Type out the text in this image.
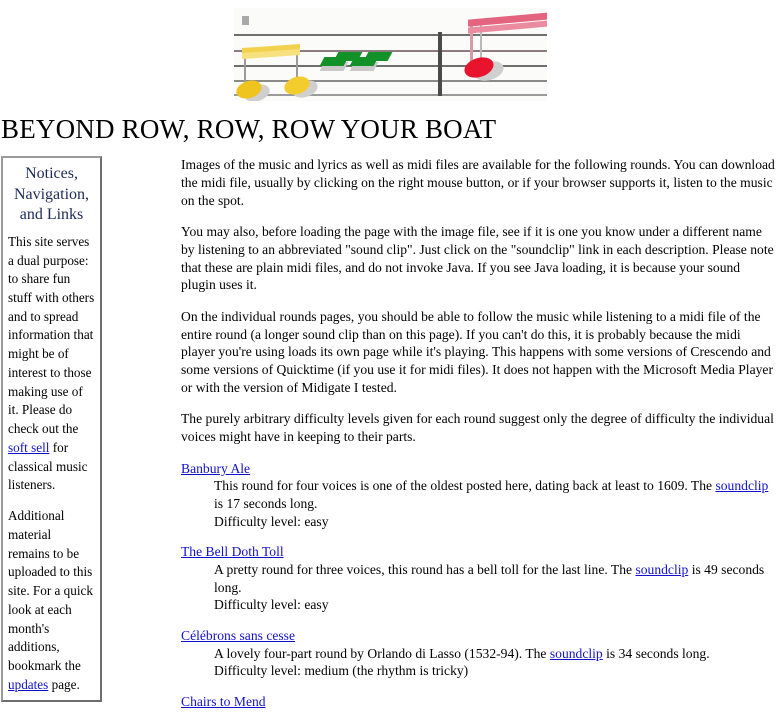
BEYOND ROW, ROW, ROW YOUR BOAT
Notices, Navigation, and Links

This site serves a dual purpose: to share fun stuff with others and to spread information that might be of interest to those making use of it. Please do check out the soft sell for classical music listeners.

Additional material remains to be uploaded to this site. For a quick look at each month's additions, bookmark the updates page.

Images of the music and lyrics as well as midi files are available for the following rounds. You can download the midi file, usually by clicking on the right mouse button, or if your browser supports it, listen to the music on the spot.

You may also, before loading the page with the image file, see if it is one you know under a different name by listening to an abbreviated "sound clip". Just click on the "soundclip" link in each description. Please note that these are plain midi files, and do not invoke Java. If you see Java loading, it is because your sound plugin uses it.

On the individual rounds pages, you should be able to follow the music while listening to a midi file of the entire round (a longer sound clip than on this page). If you can't do this, it is probably because the midi player you're using loads its own page while it's playing. This happens with some versions of Crescendo and some versions of Quicktime (if you use it for midi files). It does not happen with the Microsoft Media Player or with the version of Midigate I tested.

The purely arbitrary difficulty levels given for each round suggest only the degree of difficulty the individual voices might have in keeping to their parts.

Banbury Ale

This round for four voices is one of the oldest posted here, dating back at least to 1609. The soundclip is 17 seconds long.

Difficulty level: easy

The Bell Doth Toll

A pretty round for three voices, this round has a bell toll for the last line. The soundclip is 49 seconds long.

Difficulty level: easy

Célébrons sans cesse

A lovely four-part round by Orlando di Lasso (1532-94). The soundclip is 34 seconds long.

Difficulty level: medium (the rhythm is tricky)

Chairs to Mend
